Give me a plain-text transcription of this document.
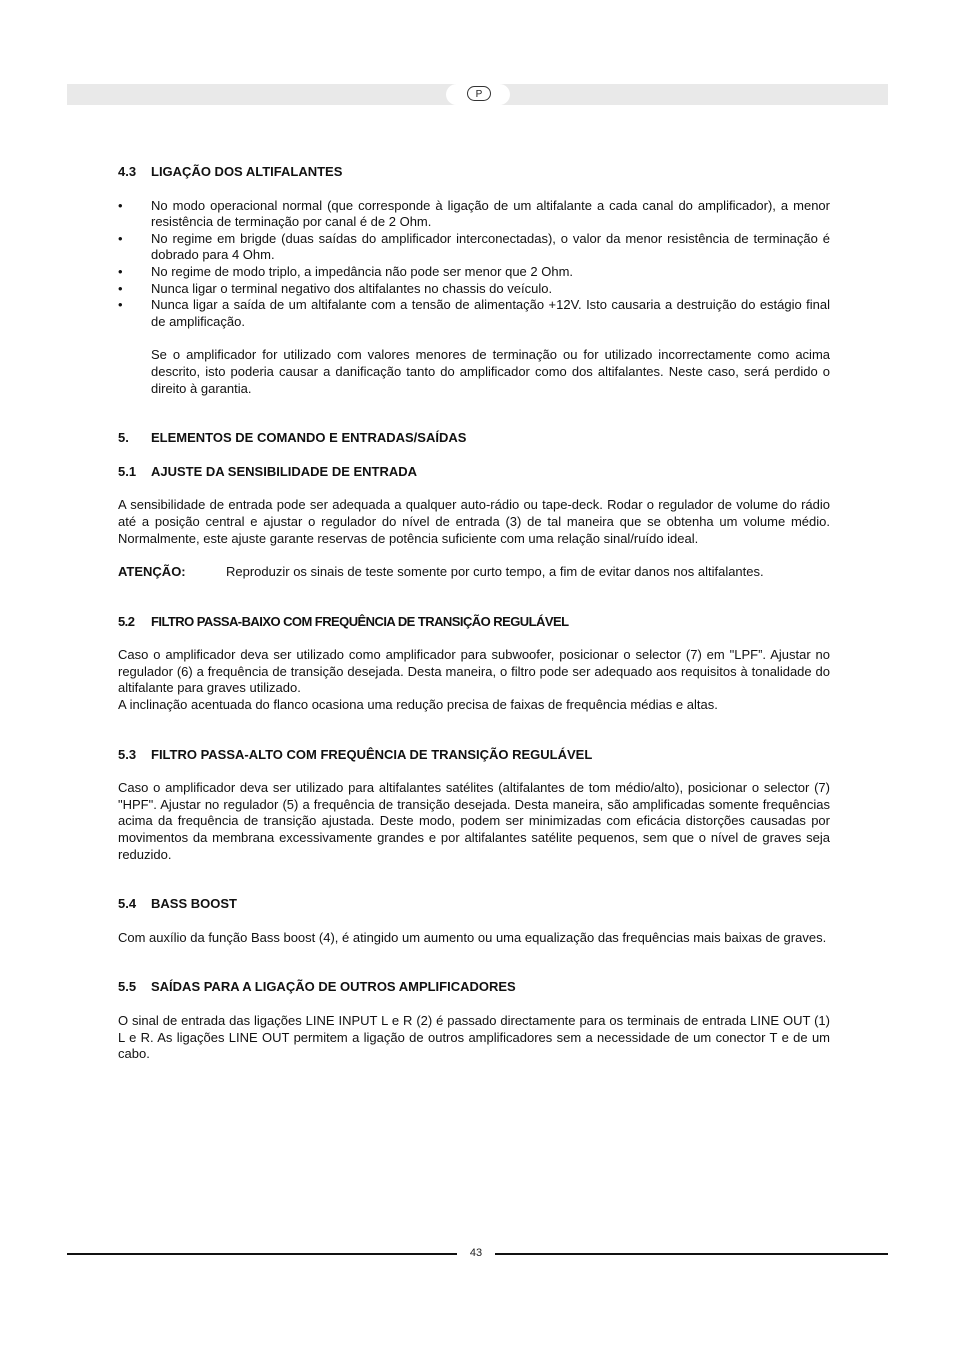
P
4.3 LIGAÇÃO DOS ALTIFALANTES
•	No modo operacional normal (que corresponde à ligação de um altifalante a cada canal do amplificador), a menor resistência de terminação por canal é de 2 Ohm.
•	No regime em brigde (duas saídas do amplificador interconectadas), o valor da menor resistência de terminação é dobrado para 4 Ohm.
•	No regime de modo triplo, a impedância não pode ser menor que 2 Ohm.
•	Nunca ligar o terminal negativo dos altifalantes no chassis do veículo.
•	Nunca ligar a saída de um altifalante com a tensão de alimentação +12V. Isto causaria a destruição do estágio final de amplificação.

Se o amplificador for utilizado com valores menores de terminação ou for utilizado incorrectamente como acima descrito, isto poderia causar a danificação tanto do amplificador como dos altifalantes. Neste caso, será perdido o direito à garantia.

5. ELEMENTOS DE COMANDO E ENTRADAS/SAÍDAS
5.1 AJUSTE DA SENSIBILIDADE DE ENTRADA

A sensibilidade de entrada pode ser adequada a qualquer auto-rádio ou tape-deck. Rodar o regulador de volume do rádio até a posição central e ajustar o regulador do nível de entrada (3) de tal maneira que se obtenha um volume médio. Normalmente, este ajuste garante reservas de potência suficiente com uma relação sinal/ruído ideal.

ATENÇÃO:	Reproduzir os sinais de teste somente por curto tempo, a fim de evitar danos nos altifalantes.
5.2 FILTRO PASSA-BAIXO COM FREQUÊNCIA DE TRANSIÇÃO REGULÁVEL

Caso o amplificador deva ser utilizado como amplificador para subwoofer, posicionar o selector (7) em "LPF”. Ajustar no regulador (6) a frequência de transição desejada. Desta maneira, o filtro pode ser adequado aos requisitos à tonalidade do altifalante para graves utilizado.

A inclinação acentuada do flanco ocasiona uma redução precisa de faixas de frequência médias e altas.

5.3 FILTRO PASSA-ALTO COM FREQUÊNCIA DE TRANSIÇÃO REGULÁVEL

Caso o amplificador deva ser utilizado para altifalantes satélites (altifalantes de tom médio/alto), posicionar o selector (7) "HPF". Ajustar no regulador (5) a frequência de transição desejada. Desta maneira, são amplificadas somente frequências acima da frequência de transição ajustada. Deste modo, podem ser minimizadas com eficácia distorções causadas por movimentos da membrana excessivamente grandes e por altifalantes satélite pequenos, sem que o nível de graves seja reduzido.

5.4 BASS BOOST

Com auxílio da função Bass boost (4), é atingido um aumento ou uma equalização das frequências mais baixas de graves.

5.5 SAÍDAS PARA A LIGAÇÃO DE OUTROS AMPLIFICADORES

O sinal de entrada das ligações LINE INPUT L e R (2) é passado directamente para os terminais de entrada LINE OUT (1) L e R. As ligações LINE OUT permitem a ligação de outros amplificadores sem a necessidade de um conector T e de um cabo.

43
